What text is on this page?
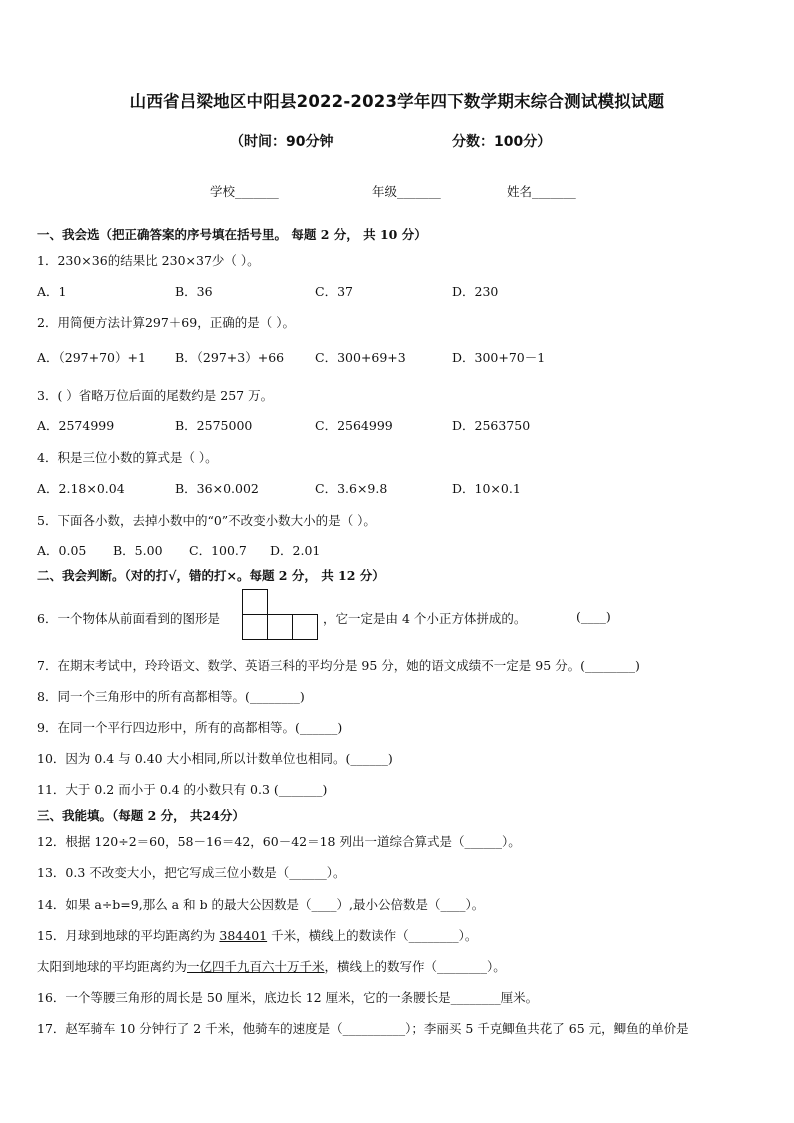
山西省吕梁地区中阳县2022-2023学年四下数学期末综合测试模拟试题
（时间：90分钟	分数：100分）
学校_______	年级_______	姓名_______
一、我会选（把正确答案的序号填在括号里。 每题 2 分， 共 10 分）
1．230×36的结果比 230×37少（ ）。
A．1	B．36	C．37	D．230
2．用简便方法计算297＋69，正确的是（ ）。
A．（297+70）+1 B．（297+3）+66 C．300+69+3	D．300+70－1
3．( ）省略万位后面的尾数约是 257 万。
A．2574999	B．2575000	C．2564999	D．2563750
4．积是三位小数的算式是（ ）。
A．2.18×0.04	B．36×0.002	C．3.6×9.8	D．10×0.1
5．下面各小数，去掉小数中的“0”不改变小数大小的是（ ）。
A．0.05 B．5.00 C．100.7 D．2.01
二、我会判断。（对的打√，错的打×。每题 2 分， 共 12 分）
6．一个物体从前面看到的图形是	，它一定是由 4 个小正方体拼成的。	(____)
7．在期末考试中，玲玲语文、数学、英语三科的平均分是 95 分，她的语文成绩不一定是 95 分。(________)
8．同一个三角形中的所有高都相等。(________)
9．在同一个平行四边形中，所有的高都相等。(______)
10．因为 0.4 与 0.40 大小相同,所以计数单位也相同。(______)
11．大于 0.2 而小于 0.4 的小数只有 0.3 (_______)
三、我能填。（每题 2 分， 共24分）
12．根据 120÷2＝60，58－16＝42，60－42＝18 列出一道综合算式是（______）。
13．0.3 不改变大小，把它写成三位小数是（______）。
14．如果 a÷b=9,那么 a 和 b 的最大公因数是（____）,最小公倍数是（____）。
15．月球到地球的平均距离约为 384401 千米，横线上的数读作（________）。
太阳到地球的平均距离约为一亿四千九百六十万千米，横线上的数写作（________）。
16．一个等腰三角形的周长是 50 厘米，底边长 12 厘米，它的一条腰长是________厘米。
17．赵军骑车 10 分钟行了 2 千米，他骑车的速度是（__________）；李丽买 5 千克鲫鱼共花了 65 元，鲫鱼的单价是
